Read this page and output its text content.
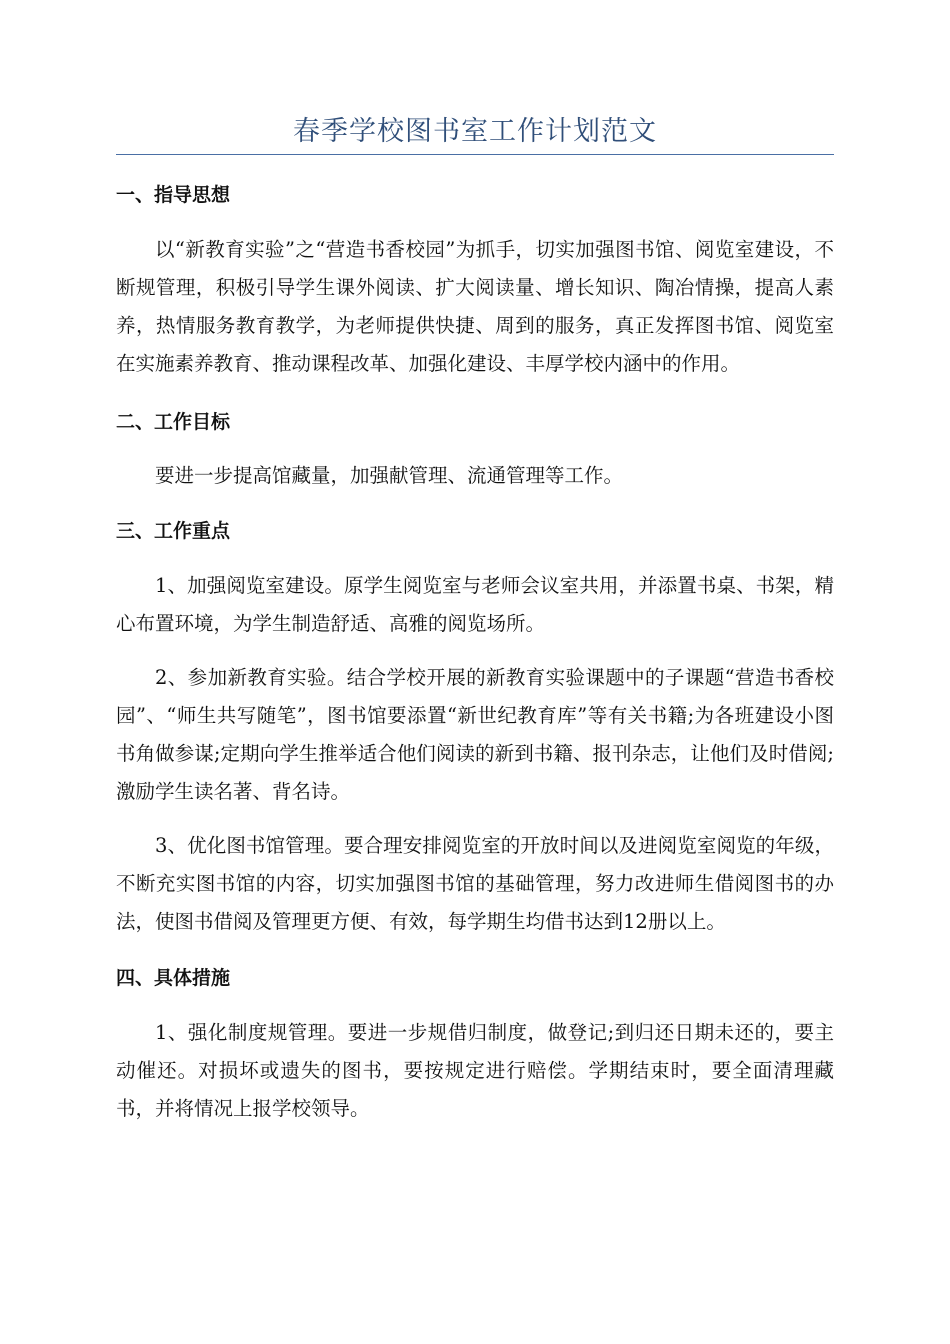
春季学校图书室工作计划范文
一、指导思想

以“新教育实验”之“营造书香校园”为抓手，切实加强图书馆、阅览室建设，不断规管理，积极引导学生课外阅读、扩大阅读量、增长知识、陶冶情操，提高人素养，热情服务教育教学，为老师提供快捷、周到的服务，真正发挥图书馆、阅览室在实施素养教育、推动课程改革、加强化建设、丰厚学校内涵中的作用。

二、工作目标

要进一步提高馆藏量，加强献管理、流通管理等工作。

三、工作重点

1、加强阅览室建设。原学生阅览室与老师会议室共用，并添置书桌、书架，精心布置环境，为学生制造舒适、高雅的阅览场所。

2、参加新教育实验。结合学校开展的新教育实验课题中的子课题“营造书香校园”、“师生共写随笔”，图书馆要添置“新世纪教育库”等有关书籍;为各班建设小图书角做参谋;定期向学生推举适合他们阅读的新到书籍、报刊杂志，让他们及时借阅;激励学生读名著、背名诗。

3、优化图书馆管理。要合理安排阅览室的开放时间以及进阅览室阅览的年级，不断充实图书馆的内容，切实加强图书馆的基础管理，努力改进师生借阅图书的办法，使图书借阅及管理更方便、有效，每学期生均借书达到12册以上。

四、具体措施

1、强化制度规管理。要进一步规借归制度，做登记;到归还日期未还的，要主动催还。对损坏或遗失的图书，要按规定进行赔偿。学期结束时，要全面清理藏书，并将情况上报学校领导。
